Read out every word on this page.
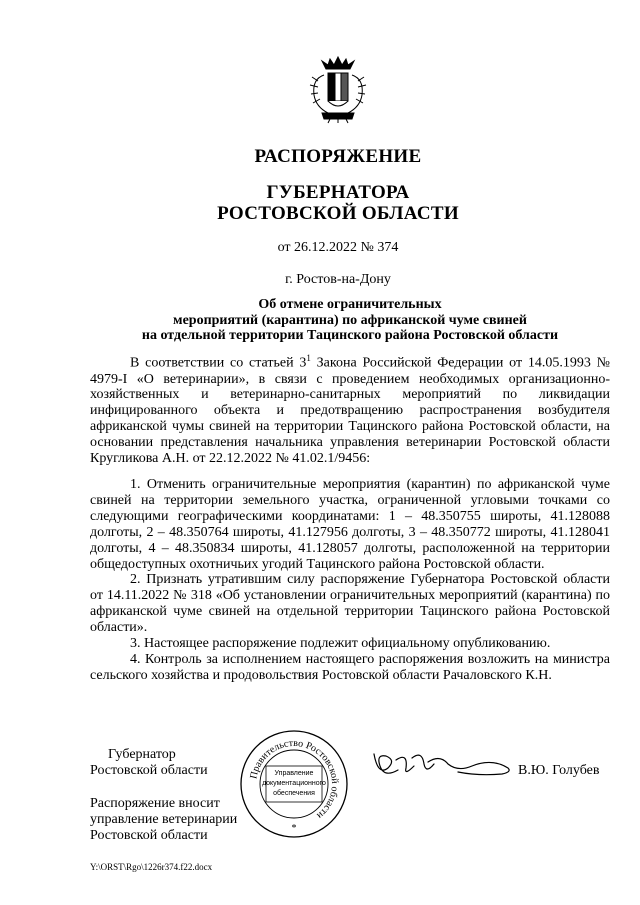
РАСПОРЯЖЕНИЕ
ГУБЕРНАТОРА
РОСТОВСКОЙ ОБЛАСТИ
от 26.12.2022 № 374
г. Ростов-на-Дону
Об отмене ограничительных
мероприятий (карантина) по африканской чуме свиней
на отдельной территории Тацинского района Ростовской области

В соответствии со статьей $3^1$ Закона Российской Федерации от 14.05.1993 № 4979-I «О ветеринарии», в связи с проведением необходимых организационно-хозяйственных и ветеринарно-санитарных мероприятий по ликвидации инфицированного объекта и предотвращению распространения возбудителя африканской чумы свиней на территории Тацинского района Ростовской области, на основании представления начальника управления ветеринарии Ростовской области Кругликова А.Н. от 22.12.2022 № 41.02.1/9456:

1. Отменить ограничительные мероприятия (карантин) по африканской чуме свиней на территории земельного участка, ограниченной угловыми точками со следующими географическими координатами: 1 – 48.350755 широты, 41.128088 долготы, 2 – 48.350764 широты, 41.127956 долготы, 3 – 48.350772 широты, 41.128041 долготы, 4 – 48.350834 широты, 41.128057 долготы, расположенной на территории общедоступных охотничьих угодий Тацинского района Ростовской области.

2. Признать утратившим силу распоряжение Губернатора Ростовской области от 14.11.2022 № 318 «Об установлении ограничительных мероприятий (карантина) по африканской чуме свиней на отдельной территории Тацинского района Ростовской области».

3. Настоящее распоряжение подлежит официальному опубликованию.

4. Контроль за исполнением настоящего распоряжения возложить на министра сельского хозяйства и продовольствия Ростовской области Рачаловского К.Н.

Губернатор
Ростовской области	В.Ю. Голубев
Распоряжение вносит
управление ветеринарии
Ростовской области
Правительство Ростовской области
Управление
документационного
обеспечения
*
Y:\ORST\Rgo\1226r374.f22.docx
